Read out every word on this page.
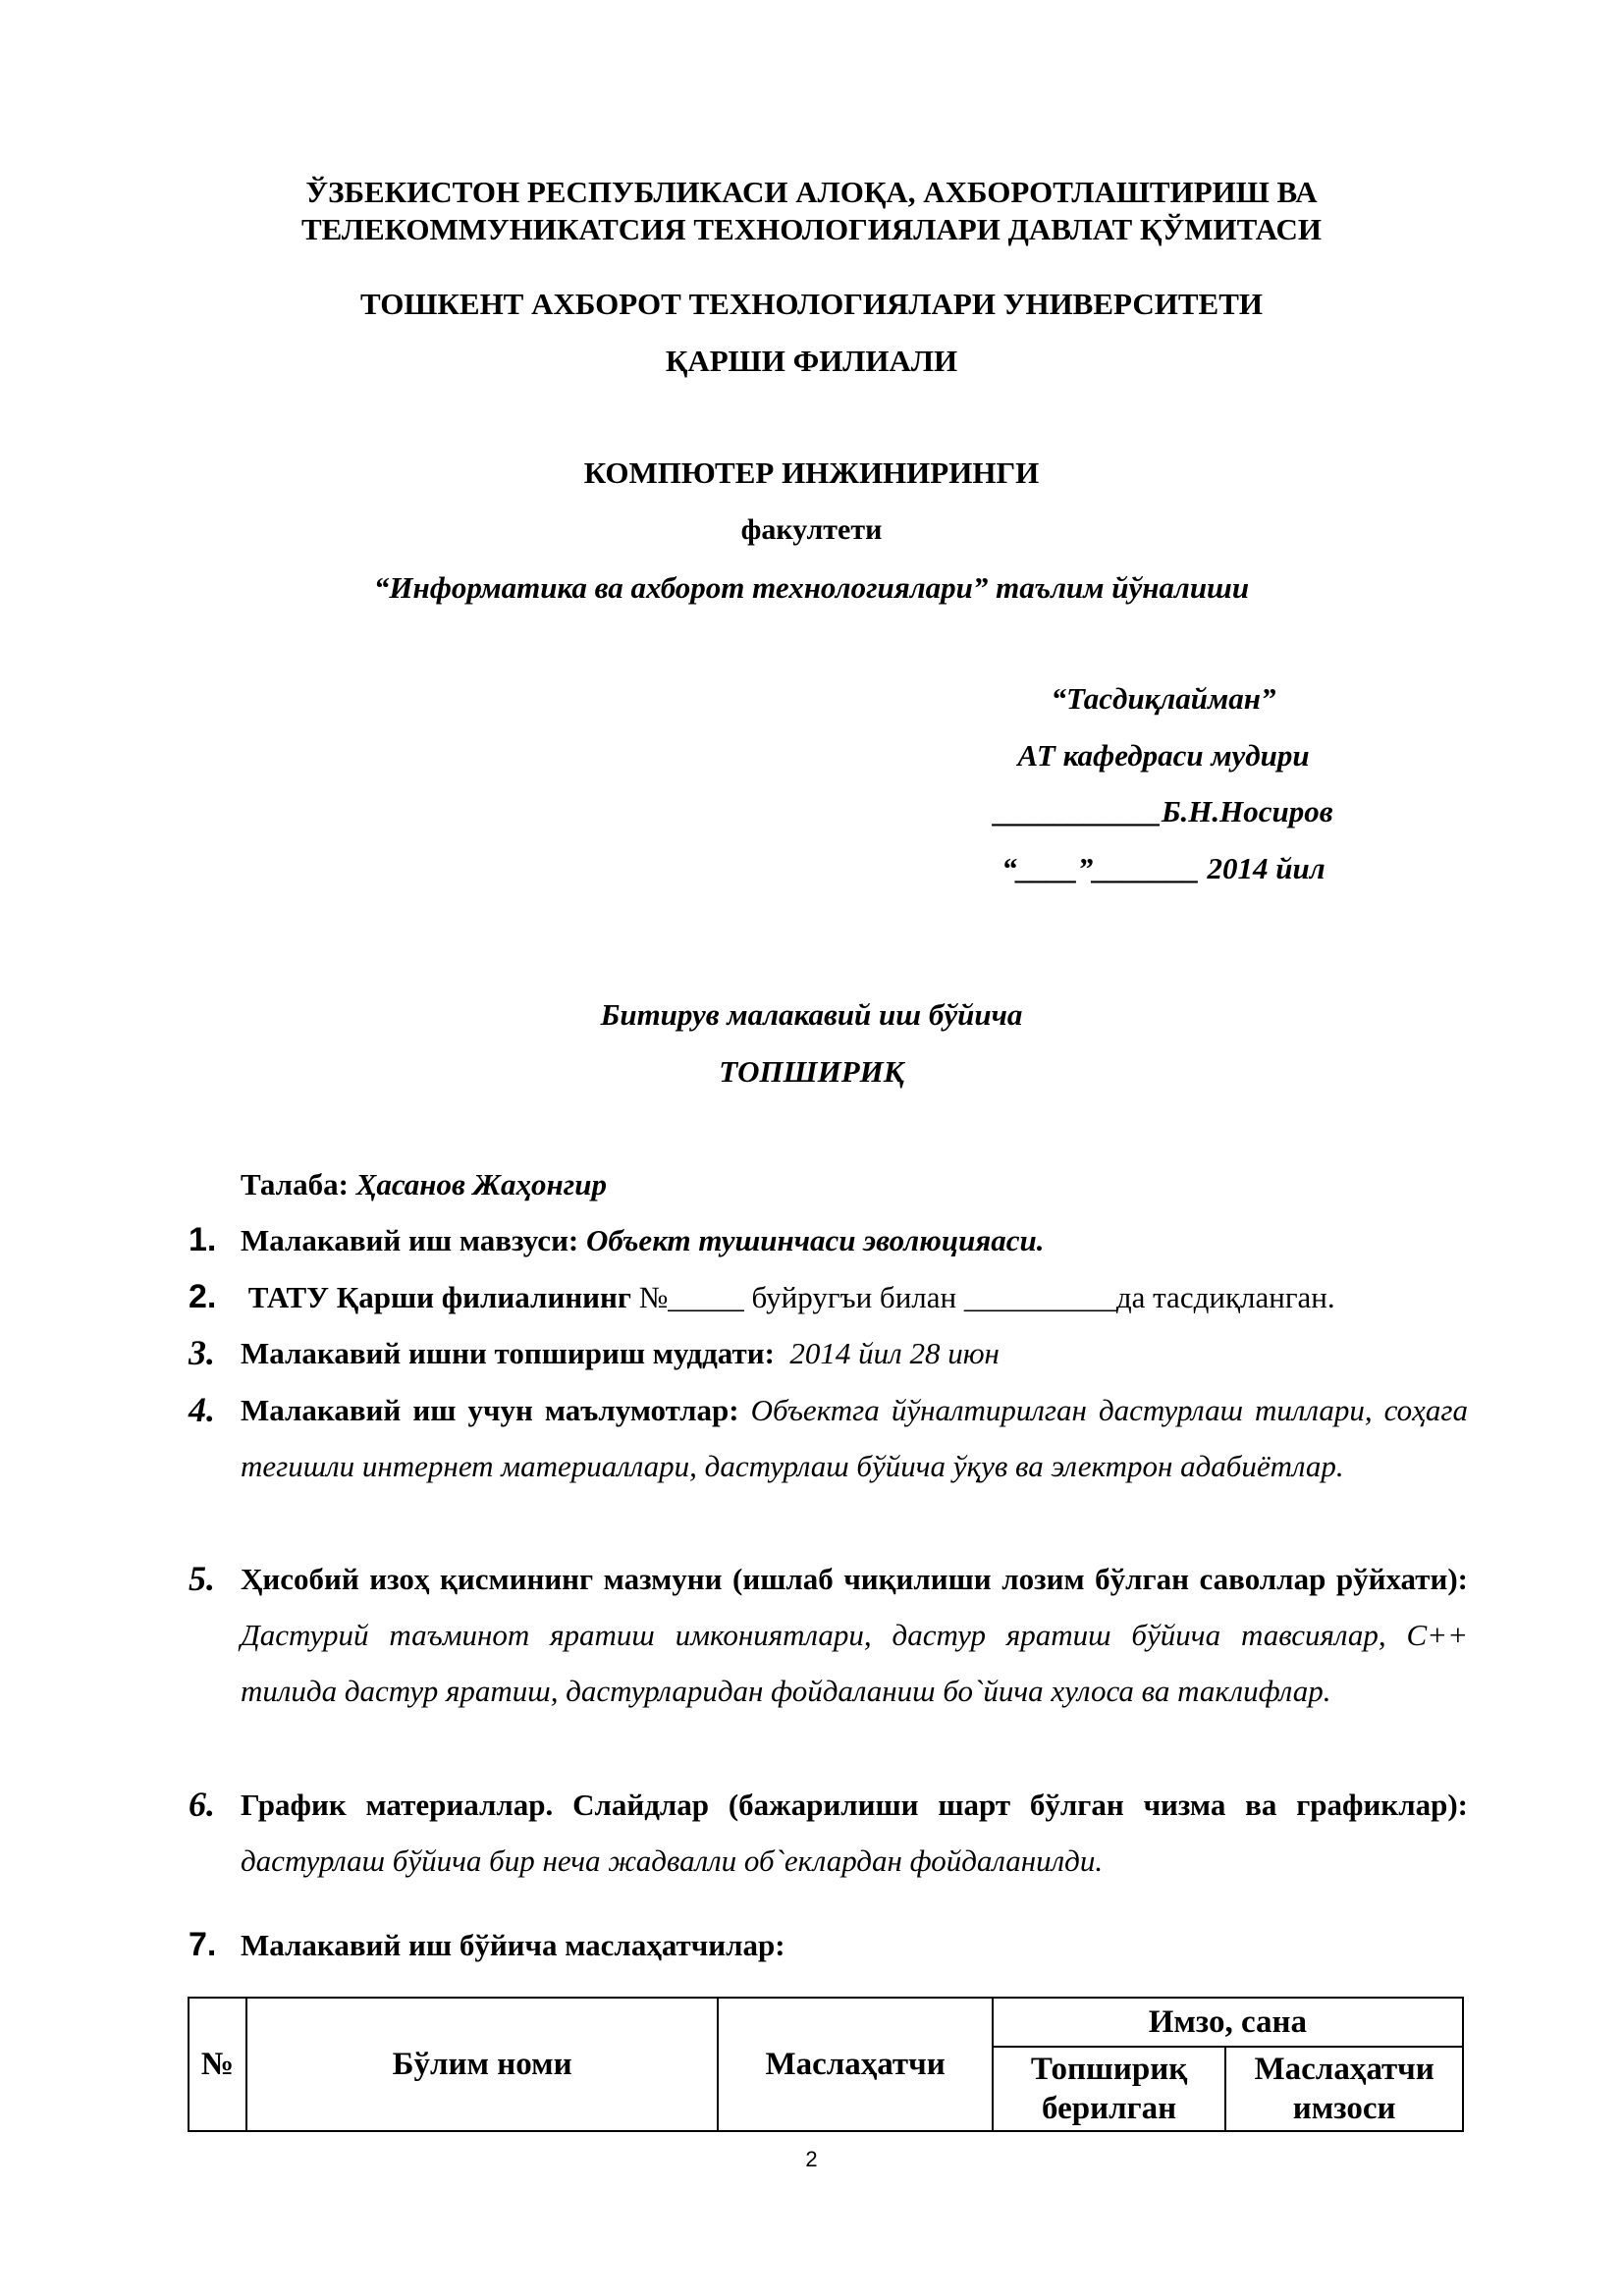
ЎЗБЕКИСТОН РЕСПУБЛИКАСИ АЛОҚА, АХБОРОТЛАШТИРИШ ВА
ТЕЛЕКОММУНИКАТСИЯ ТЕХНОЛОГИЯЛАРИ ДАВЛАТ ҚЎМИТАСИ
ТОШКЕНТ АХБОРОТ ТЕХНОЛОГИЯЛАРИ УНИВЕРСИТЕТИ
ҚАРШИ ФИЛИАЛИ
КОМПЮТЕР ИНЖИНИРИНГИ
факултети
“Информатика ва ахборот технологиялари” таълим йўналиши
“Тасдиқлайман”
АТ кафедраси мудири
___________Б.Н.Носиров
“____”_______ 2014 йил
Битирув малакавий иш бўйича
ТОПШИРИҚ
Талаба: Ҳасанов Жаҳонгир
1. Малакавий иш мавзуси: Объект тушинчаси эволюцияаси.
2.	ТАТУ Қарши филиалининг №_____ буйругъи билан __________да тасдиқланган.
3. Малакавий ишни топшириш муддати: 2014 йил 28 июн
4. Малакавий иш учун маълумотлар: Объектга йўналтирилган дастурлаш тиллари, соҳага тегишли интернет материаллари, дастурлаш бўйича ўқув ва электрон адабиётлар.
5. Ҳисобий изоҳ қисмининг мазмуни (ишлаб чиқилиши лозим бўлган саволлар рўйхати): Дастурий таъминот яратиш имкониятлари, дастур яратиш бўйича тавсиялар, С++ тилида дастур яратиш, дастурларидан фойдаланиш бо`йича хулоса ва таклифлар.
6. График материаллар. Слайдлар (бажарилиши шарт бўлган чизма ва графиклар): дастурлаш бўйича бир неча жадвалли об`еклардан фойдаланилди.
7. Малакавий иш бўйича маслаҳатчилар:
№	Бўлим номи	Маслаҳатчи	Имзо, сана	
			Топшириқ берилган	Маслаҳатчи имзоси
2
